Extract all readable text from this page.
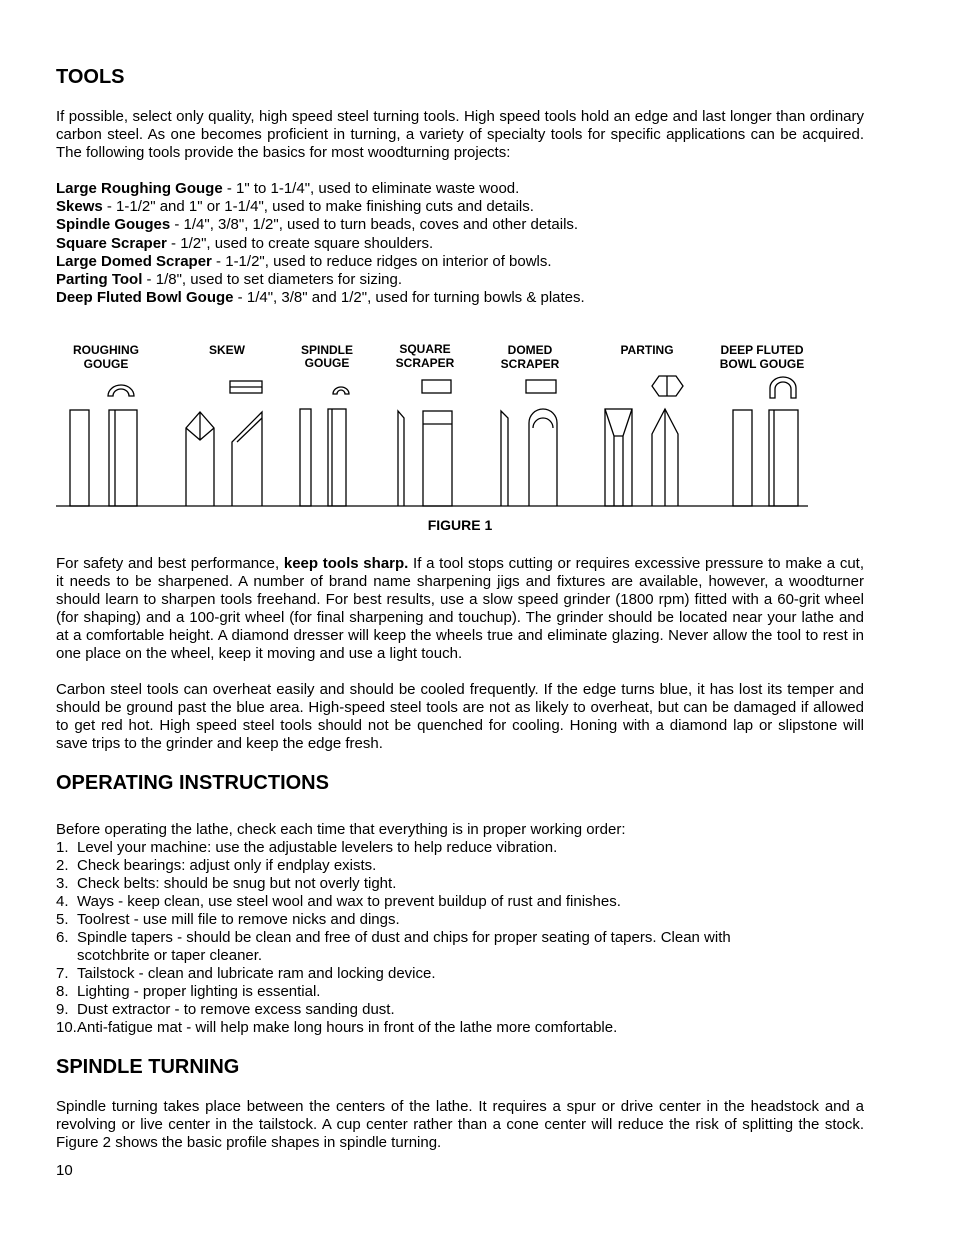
TOOLS

If possible, select only quality, high speed steel turning tools. High speed tools hold an edge and last longer than ordinary carbon steel. As one becomes proficient in turning, a variety of specialty tools for specific applications can be acquired. The following tools provide the basics for most woodturning projects:

Large Roughing Gouge - 1" to 1-1/4", used to eliminate waste wood.
Skews - 1-1/2" and 1" or 1-1/4", used to make finishing cuts and details.
Spindle Gouges - 1/4", 3/8", 1/2", used to turn beads, coves and other details.
Square Scraper - 1/2", used to create square shoulders.
Large Domed Scraper - 1-1/2", used to reduce ridges on interior of bowls.
Parting Tool - 1/8", used to set diameters for sizing.
Deep Fluted Bowl Gouge - 1/4", 3/8" and 1/2", used for turning bowls & plates.
FIGURE 1

For safety and best performance, keep tools sharp. If a tool stops cutting or requires excessive pressure to make a cut, it needs to be sharpened. A number of brand name sharpening jigs and fixtures are available, however, a woodturner should learn to sharpen tools freehand. For best results, use a slow speed grinder (1800 rpm) fitted with a 60-grit wheel (for shaping) and a 100-grit wheel (for final sharpening and touchup). The grinder should be located near your lathe and at a comfortable height. A diamond dresser will keep the wheels true and eliminate glazing. Never allow the tool to rest in one place on the wheel, keep it moving and use a light touch.

Carbon steel tools can overheat easily and should be cooled frequently. If the edge turns blue, it has lost its temper and should be ground past the blue area. High-speed steel tools are not as likely to overheat, but can be damaged if allowed to get red hot. High speed steel tools should not be quenched for cooling. Honing with a diamond lap or slipstone will save trips to the grinder and keep the edge fresh.

OPERATING INSTRUCTIONS

Before operating the lathe, check each time that everything is in proper working order:

1. Level your machine: use the adjustable levelers to help reduce vibration.
2. Check bearings: adjust only if endplay exists.
3. Check belts: should be snug but not overly tight.
4. Ways - keep clean, use steel wool and wax to prevent buildup of rust and finishes.
5. Toolrest - use mill file to remove nicks and dings.
6. Spindle tapers - should be clean and free of dust and chips for proper seating of tapers. Clean with
scotchbrite or taper cleaner.
7. Tailstock - clean and lubricate ram and locking device.
8. Lighting - proper lighting is essential.
9. Dust extractor - to remove excess sanding dust.
10. Anti-fatigue mat - will help make long hours in front of the lathe more comfortable.
SPINDLE TURNING

Spindle turning takes place between the centers of the lathe. It requires a spur or drive center in the headstock and a revolving or live center in the tailstock. A cup center rather than a cone center will reduce the risk of splitting the stock. Figure 2 shows the basic profile shapes in spindle turning.

ROUGHING
GOUGE
SKEW	SPINDLE
GOUGE
SQUARE
SCRAPER
DOMED
SCRAPER
PARTING	DEEP FLUTED
BOWL GOUGE
10
